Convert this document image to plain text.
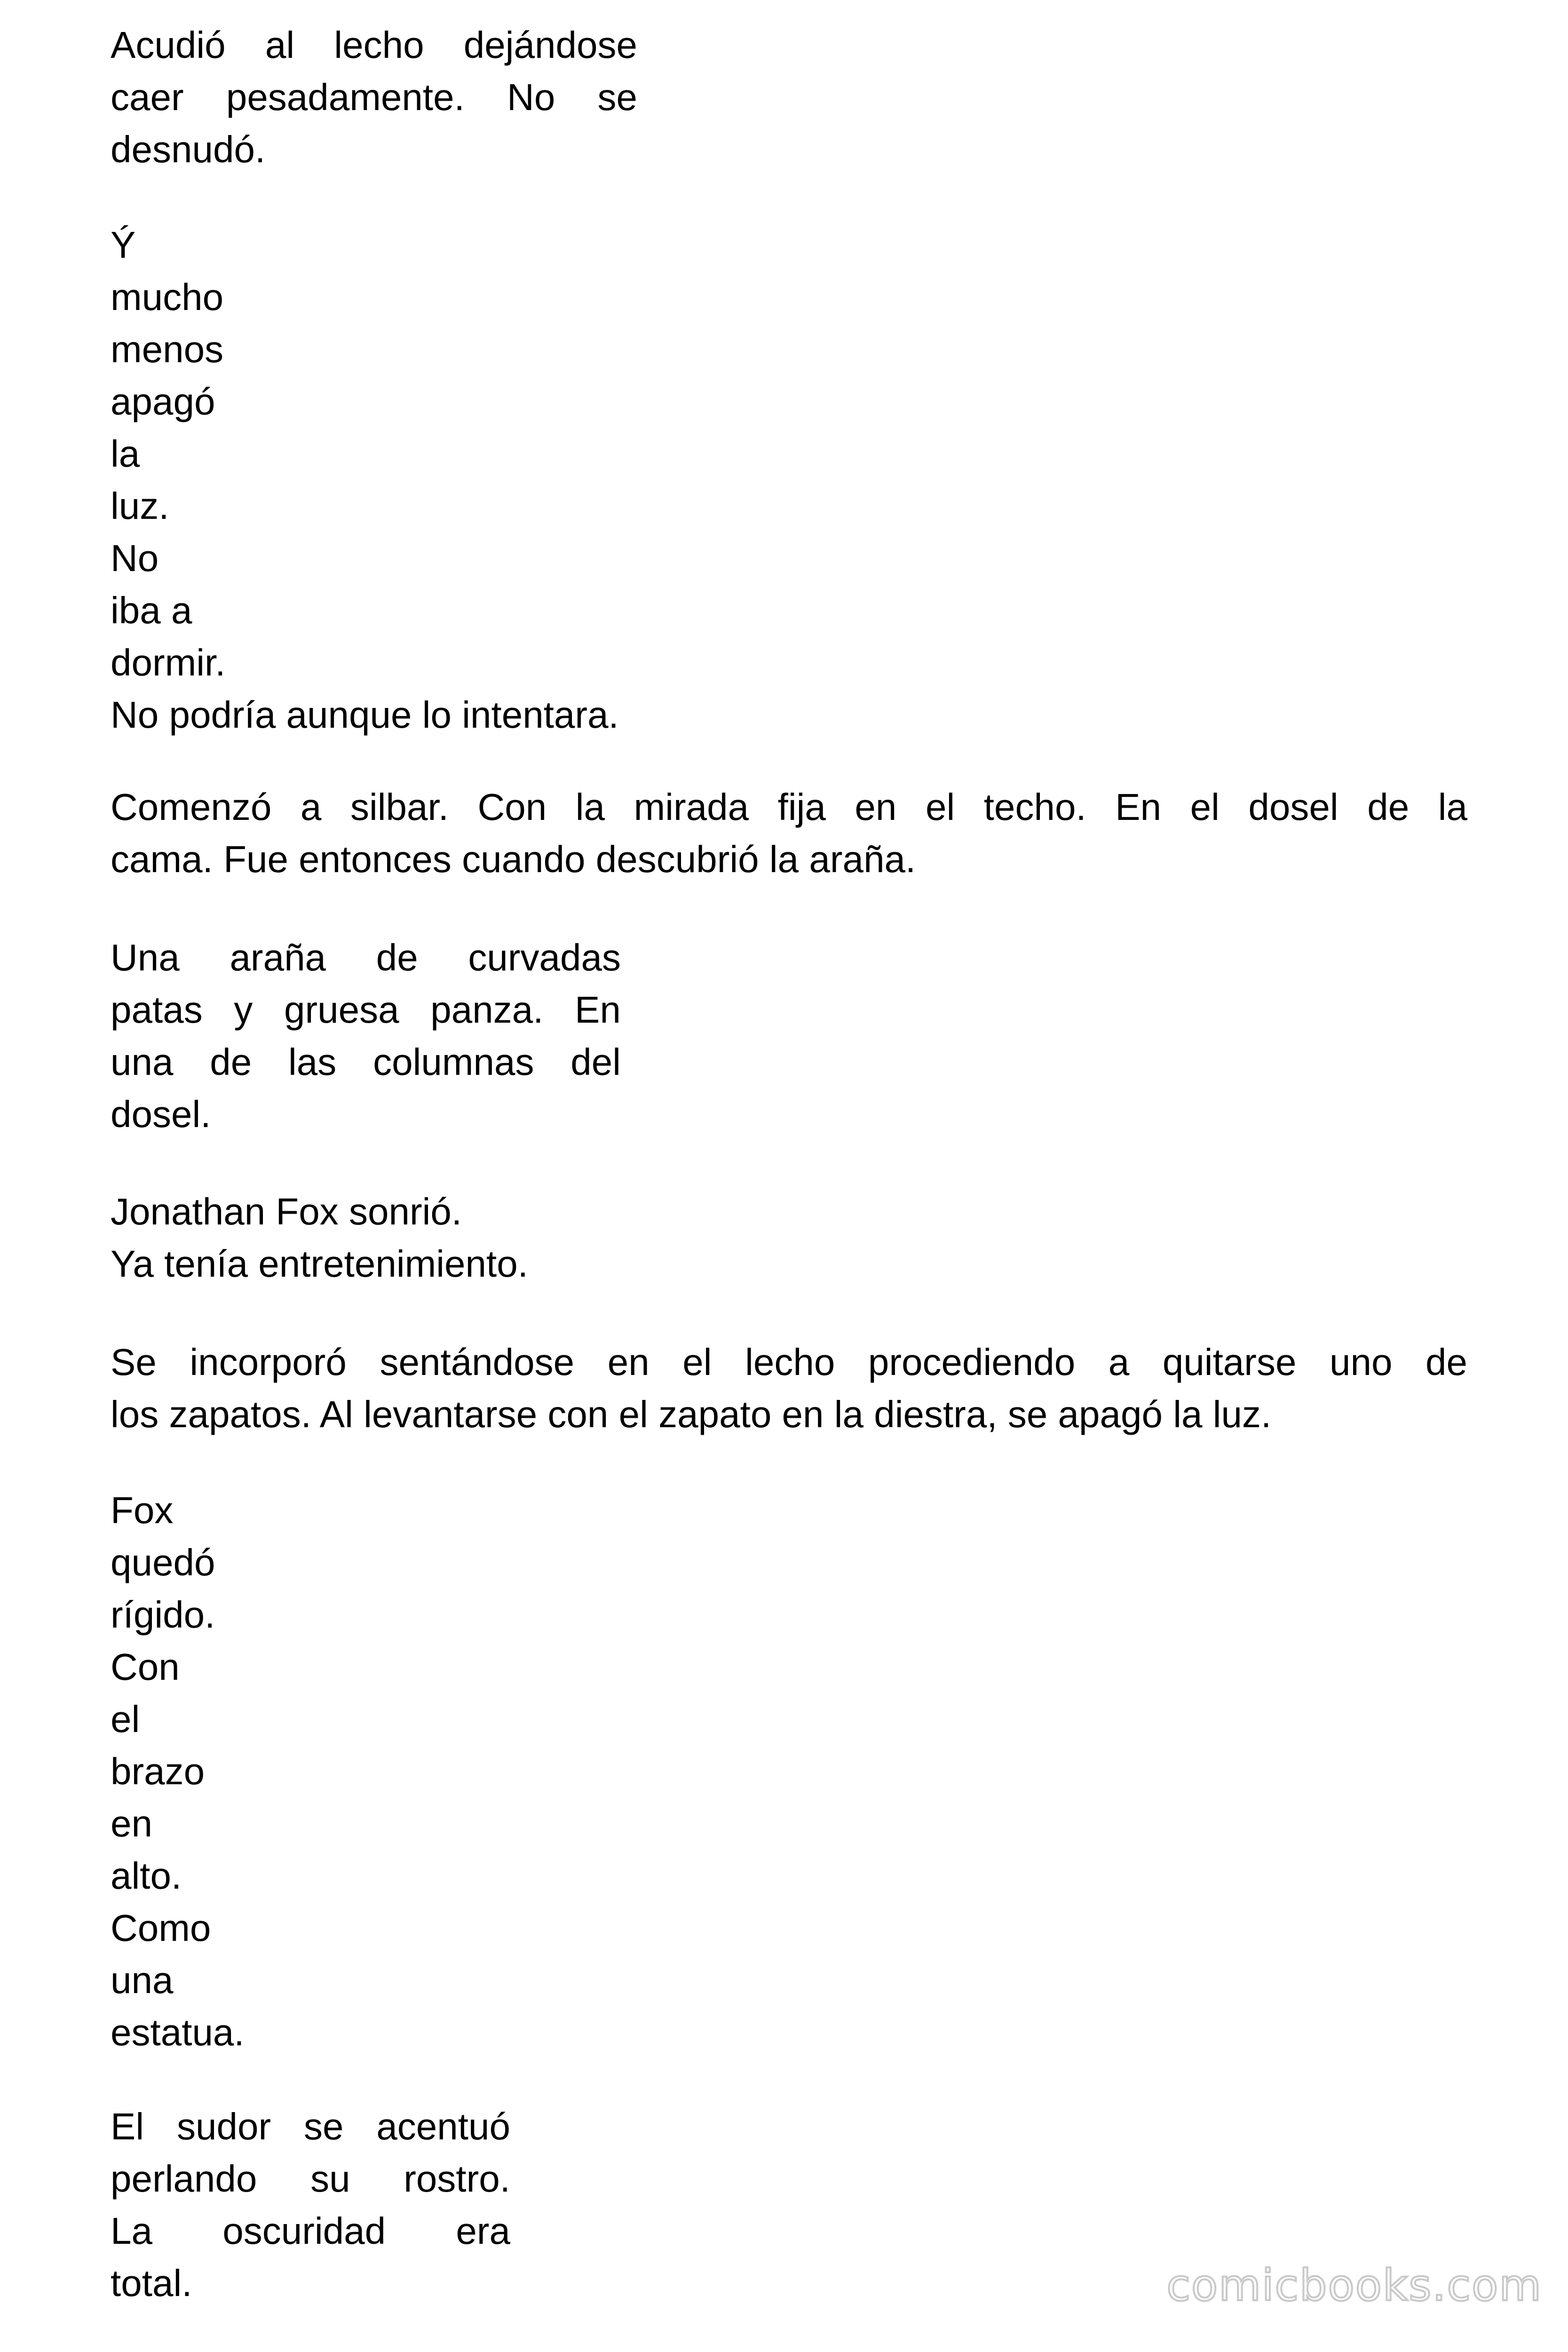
Acudió al lecho dejándose
caer pesadamente. No se
desnudó.

Ý
mucho
menos
apagó
la
luz.
No
iba a
dormir.
No podría aunque lo intentara.

Comenzó a silbar. Con la mirada fija en el techo. En el dosel de la
cama. Fue entonces cuando descubrió la araña.

Una araña de curvadas
patas y gruesa panza. En
una de las columnas del
dosel.

Jonathan Fox sonrió.
Ya tenía entretenimiento.

Se incorporó sentándose en el lecho procediendo a quitarse uno de
los zapatos. Al levantarse con el zapato en la diestra, se apagó la luz.

Fox
quedó
rígido.
Con
el
brazo
en
alto.
Como
una
estatua.

El sudor se acentuó
perlando su rostro.
La oscuridad era
total.	comicbooks.com
